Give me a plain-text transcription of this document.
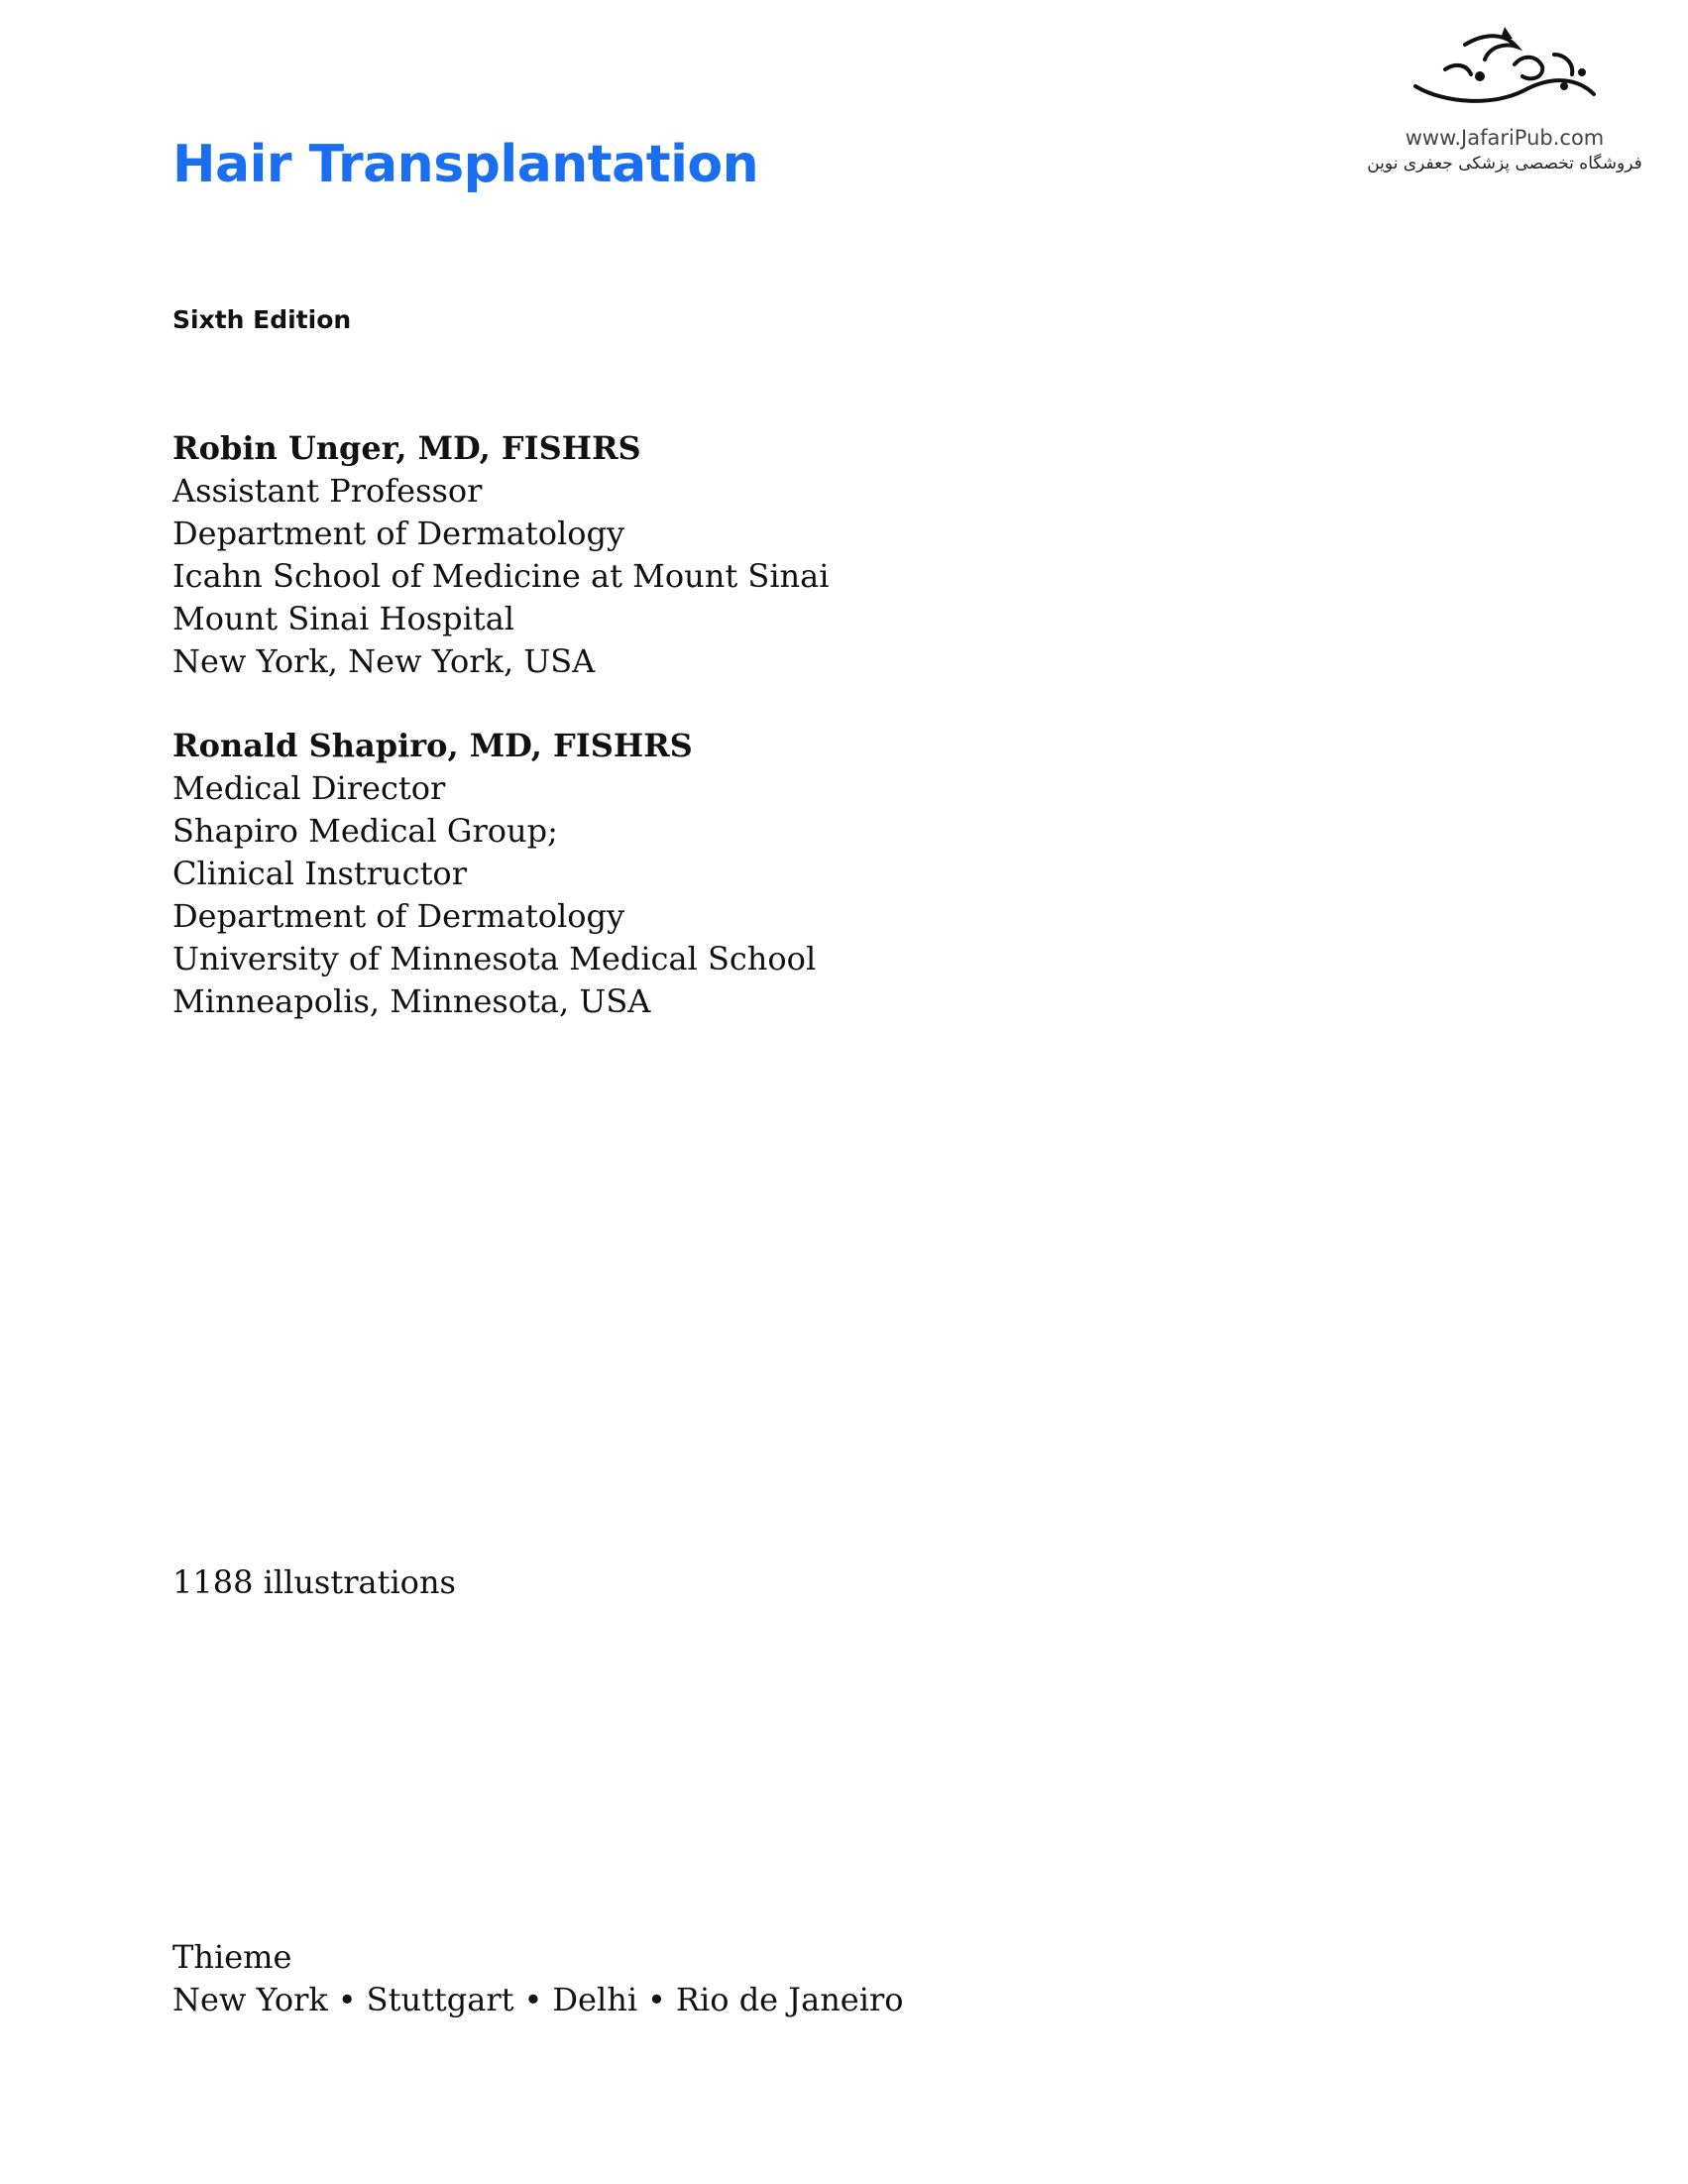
www.JafariPub.com
فروشگاه تخصصی پزشکی جعفری نوین
Hair Transplantation
Sixth Edition
Robin Unger, MD, FISHRS
Assistant Professor
Department of Dermatology
Icahn School of Medicine at Mount Sinai
Mount Sinai Hospital
New York, New York, USA
Ronald Shapiro, MD, FISHRS
Medical Director
Shapiro Medical Group;
Clinical Instructor
Department of Dermatology
University of Minnesota Medical School
Minneapolis, Minnesota, USA
1188 illustrations
Thieme
New York • Stuttgart • Delhi • Rio de Janeiro
